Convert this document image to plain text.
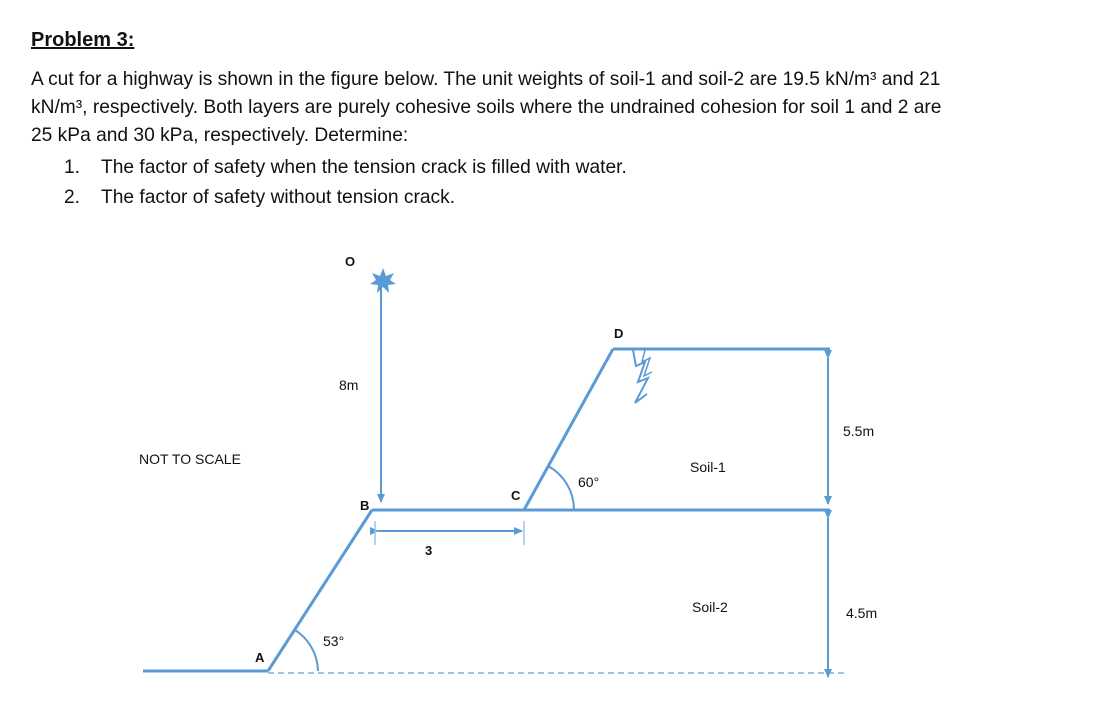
Problem 3:
A cut for a highway is shown in the figure below. The unit weights of soil-1 and soil-2 are 19.5 kN/m³ and 21
kN/m³, respectively. Both layers are purely cohesive soils where the undrained cohesion for soil 1 and 2 are
25 kPa and 30 kPa, respectively. Determine:
1.	The factor of safety when the tension crack is filled with water.
2.	The factor of safety without tension crack.
NOT TO SCALE
O
8m
B
C
D
A
3
60°
53°
Soil-1
Soil-2
5.5m
4.5m
